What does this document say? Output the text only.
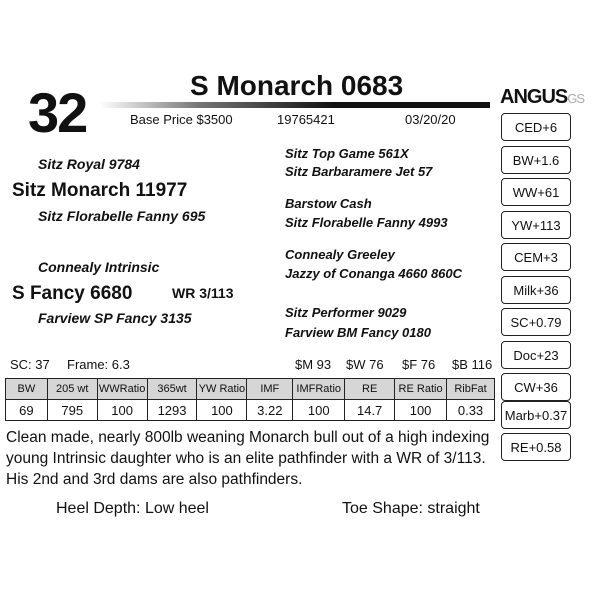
32	S Monarch 0683
Base Price $3500	19765421	03/20/20
Sitz Royal 9784
Sitz Monarch 11977
Sitz Florabelle Fanny 695
Connealy Intrinsic
S Fancy 6680	WR 3/113
Farview SP Fancy 3135
Sitz Top Game 561X
Sitz Barbaramere Jet 57
Barstow Cash
Sitz Florabelle Fanny 4993
Connealy Greeley
Jazzy of Conanga 4660 860C
Sitz Performer 9029
Farview BM Fancy 0180
SC: 37 Frame: 6.3	$M 93 $W 76 $F 76 $B 116
BW	205 wt	WWRatio	365wt	YW Ratio	IMF	IMFRatio	RE	RE Ratio	RibFat
69	795	100	1293	100	3.22	100	14.7	100	0.33
ANGUSGS
CED+6
BW+1.6
WW+61
YW+113
CEM+3
Milk+36
SC+0.79
Doc+23
CW+36
Marb+0.37
RE+0.58
Clean made, nearly 800lb weaning Monarch bull out of a high indexing young Intrinsic daughter who is an elite pathfinder with a WR of 3/113. His 2nd and 3rd dams are also pathfinders.
Heel Depth: Low heel	Toe Shape: straight
